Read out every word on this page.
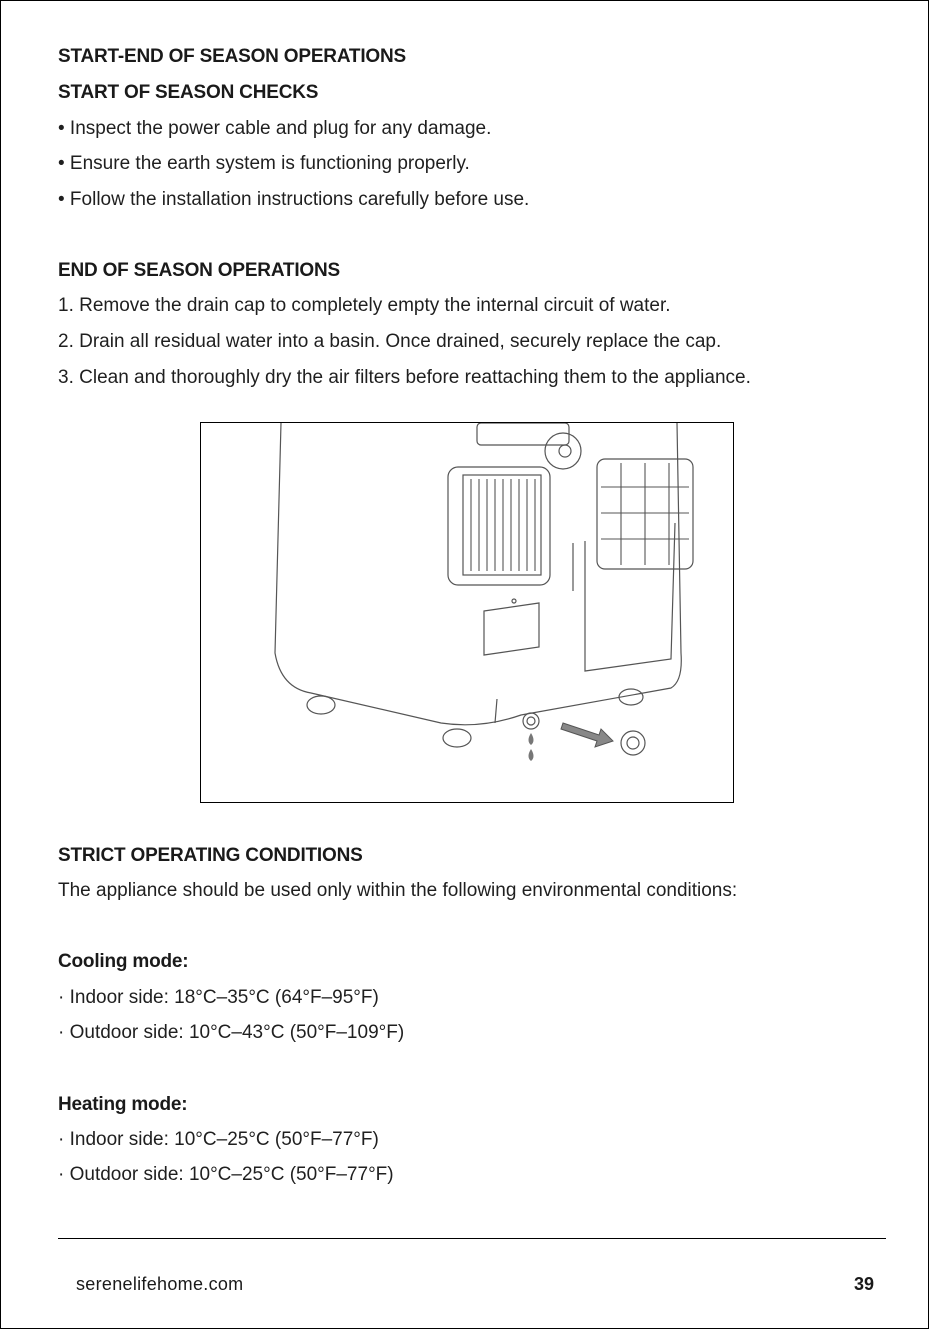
START-END OF SEASON OPERATIONS
START OF SEASON CHECKS
• Inspect the power cable and plug for any damage.
• Ensure the earth system is functioning properly.
• Follow the installation instructions carefully before use.
END OF SEASON OPERATIONS
1. Remove the drain cap to completely empty the internal circuit of water.
2. Drain all residual water into a basin. Once drained, securely replace the cap.
3. Clean and thoroughly dry the air filters before reattaching them to the appliance.
STRICT OPERATING CONDITIONS
The appliance should be used only within the following environmental conditions:
Cooling mode:
· Indoor side: 18°C–35°C (64°F–95°F)
· Outdoor side: 10°C–43°C (50°F–109°F)
Heating mode:
· Indoor side: 10°C–25°C (50°F–77°F)
· Outdoor side: 10°C–25°C (50°F–77°F)
serenelifehome.com	39
